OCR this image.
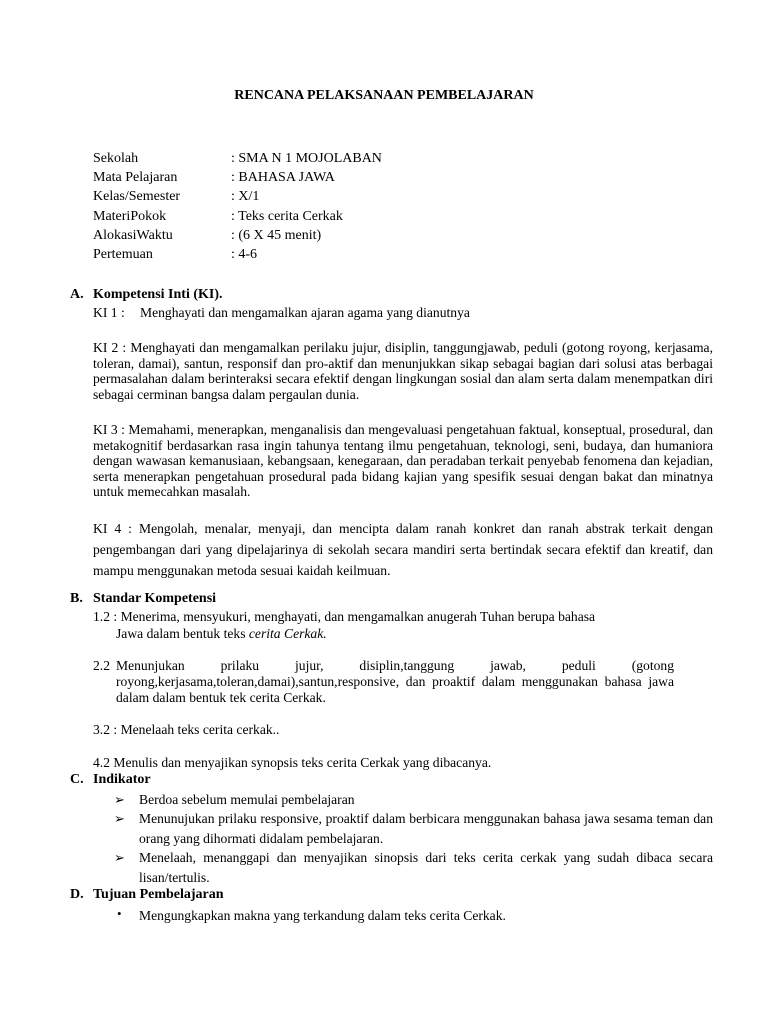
RENCANA PELAKSANAAN PEMBELAJARAN
Sekolah	: SMA N 1 MOJOLABAN
Mata Pelajaran	: BAHASA JAWA
Kelas/Semester	: X/1
MateriPokok	: Teks cerita Cerkak
AlokasiWaktu	: (6 X 45 menit)
Pertemuan	: 4-6
A. Kompetensi Inti (KI).
KI 1 : Menghayati dan mengamalkan ajaran agama yang dianutnya
KI 2 : Menghayati dan mengamalkan perilaku jujur, disiplin, tanggungjawab, peduli (gotong royong, kerjasama, toleran, damai), santun, responsif dan pro-aktif dan menunjukkan sikap sebagai bagian dari solusi atas berbagai permasalahan dalam berinteraksi secara efektif dengan lingkungan sosial dan alam serta dalam menempatkan diri sebagai cerminan bangsa dalam pergaulan dunia.
KI 3 : Memahami, menerapkan, menganalisis dan mengevaluasi pengetahuan faktual, konseptual, prosedural, dan metakognitif berdasarkan rasa ingin tahunya tentang ilmu pengetahuan, teknologi, seni, budaya, dan humaniora dengan wawasan kemanusiaan, kebangsaan, kenegaraan, dan peradaban terkait penyebab fenomena dan kejadian, serta menerapkan pengetahuan prosedural pada bidang kajian yang spesifik sesuai dengan bakat dan minatnya untuk memecahkan masalah.
KI 4 : Mengolah, menalar, menyaji, dan mencipta dalam ranah konkret dan ranah abstrak terkait dengan pengembangan dari yang dipelajarinya di sekolah secara mandiri serta bertindak secara efektif dan kreatif, dan mampu menggunakan metoda sesuai kaidah keilmuan.
B. Standar Kompetensi
1.2 : Menerima, mensyukuri, menghayati, dan mengamalkan anugerah Tuhan berupa bahasa
Jawa dalam bentuk teks cerita Cerkak.
2.2 Menunjukan prilaku jujur, disiplin,tanggung jawab, peduli (gotong royong,kerjasama,toleran,damai),santun,responsive, dan proaktif dalam menggunakan bahasa jawa dalam dalam bentuk tek cerita Cerkak.
3.2 : Menelaah teks cerita cerkak..
4.2 Menulis dan menyajikan synopsis teks cerita Cerkak yang dibacanya.
C. Indikator
➢ Berdoa sebelum memulai pembelajaran
➢ Menunujukan prilaku responsive, proaktif dalam berbicara menggunakan bahasa jawa sesama teman dan orang yang dihormati didalam pembelajaran.
➢ Menelaah, menanggapi dan menyajikan sinopsis dari teks cerita cerkak yang sudah dibaca secara lisan/tertulis.
D. Tujuan Pembelajaran
• Mengungkapkan makna yang terkandung dalam teks cerita Cerkak.
